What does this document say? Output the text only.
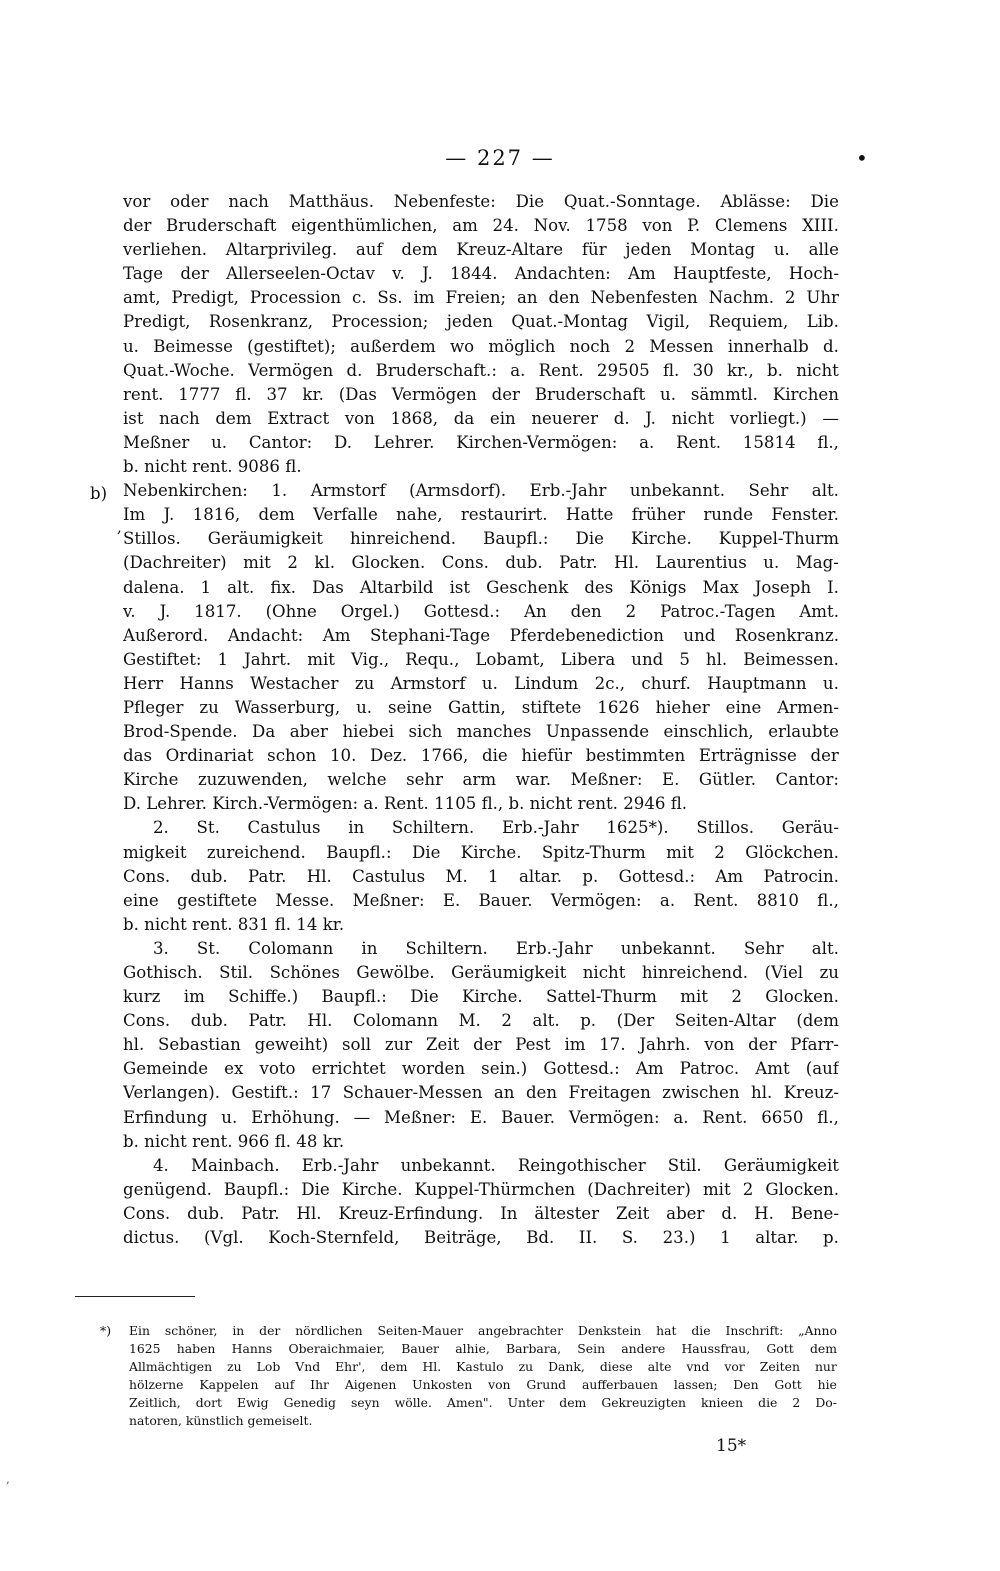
— 227 —	•
b)
,
vor oder nach Matthäus. Nebenfeste: Die Quat.-Sonntage. Ablässe: Die
der Bruderschaft eigenthümlichen, am 24. Nov. 1758 von P. Clemens XIII.
verliehen. Altarprivileg. auf dem Kreuz-Altare für jeden Montag u. alle
Tage der Allerseelen-Octav v. J. 1844. Andachten: Am Hauptfeste, Hoch-
amt, Predigt, Procession c. Ss. im Freien; an den Nebenfesten Nachm. 2 Uhr
Predigt, Rosenkranz, Procession; jeden Quat.-Montag Vigil, Requiem, Lib.
u. Beimesse (gestiftet); außerdem wo möglich noch 2 Messen innerhalb d.
Quat.-Woche. Vermögen d. Bruderschaft.: a. Rent. 29505 fl. 30 kr., b. nicht
rent. 1777 fl. 37 kr. (Das Vermögen der Bruderschaft u. sämmtl. Kirchen
ist nach dem Extract von 1868, da ein neuerer d. J. nicht vorliegt.) —
Meßner u. Cantor: D. Lehrer. Kirchen-Vermögen: a. Rent. 15814 fl.,
b. nicht rent. 9086 fl.
Nebenkirchen: 1. Armstorf (Armsdorf). Erb.-Jahr unbekannt. Sehr alt.
Im J. 1816, dem Verfalle nahe, restaurirt. Hatte früher runde Fenster.
Stillos. Geräumigkeit hinreichend. Baupfl.: Die Kirche. Kuppel-Thurm
(Dachreiter) mit 2 kl. Glocken. Cons. dub. Patr. Hl. Laurentius u. Mag-
dalena. 1 alt. fix. Das Altarbild ist Geschenk des Königs Max Joseph I.
v. J. 1817. (Ohne Orgel.) Gottesd.: An den 2 Patroc.-Tagen Amt.
Außerord. Andacht: Am Stephani-Tage Pferdebenediction und Rosenkranz.
Gestiftet: 1 Jahrt. mit Vig., Requ., Lobamt, Libera und 5 hl. Beimessen.
Herr Hanns Westacher zu Armstorf u. Lindum 2c., churf. Hauptmann u.
Pfleger zu Wasserburg, u. seine Gattin, stiftete 1626 hieher eine Armen-
Brod-Spende. Da aber hiebei sich manches Unpassende einschlich, erlaubte
das Ordinariat schon 10. Dez. 1766, die hiefür bestimmten Erträgnisse der
Kirche zuzuwenden, welche sehr arm war. Meßner: E. Gütler. Cantor:
D. Lehrer. Kirch.-Vermögen: a. Rent. 1105 fl., b. nicht rent. 2946 fl.
2. St. Castulus in Schiltern. Erb.-Jahr 1625*). Stillos. Geräu-
migkeit zureichend. Baupfl.: Die Kirche. Spitz-Thurm mit 2 Glöckchen.
Cons. dub. Patr. Hl. Castulus M. 1 altar. p. Gottesd.: Am Patrocin.
eine gestiftete Messe. Meßner: E. Bauer. Vermögen: a. Rent. 8810 fl.,
b. nicht rent. 831 fl. 14 kr.
3. St. Colomann in Schiltern. Erb.-Jahr unbekannt. Sehr alt.
Gothisch. Stil. Schönes Gewölbe. Geräumigkeit nicht hinreichend. (Viel zu
kurz im Schiffe.) Baupfl.: Die Kirche. Sattel-Thurm mit 2 Glocken.
Cons. dub. Patr. Hl. Colomann M. 2 alt. p. (Der Seiten-Altar (dem
hl. Sebastian geweiht) soll zur Zeit der Pest im 17. Jahrh. von der Pfarr-
Gemeinde ex voto errichtet worden sein.) Gottesd.: Am Patroc. Amt (auf
Verlangen). Gestift.: 17 Schauer-Messen an den Freitagen zwischen hl. Kreuz-
Erfindung u. Erhöhung. — Meßner: E. Bauer. Vermögen: a. Rent. 6650 fl.,
b. nicht rent. 966 fl. 48 kr.
4. Mainbach. Erb.-Jahr unbekannt. Reingothischer Stil. Geräumigkeit
genügend. Baupfl.: Die Kirche. Kuppel-Thürmchen (Dachreiter) mit 2 Glocken.
Cons. dub. Patr. Hl. Kreuz-Erfindung. In ältester Zeit aber d. H. Bene-
dictus. (Vgl. Koch-Sternfeld, Beiträge, Bd. II. S. 23.) 1 altar. p.
*) Ein schöner, in der nördlichen Seiten-Mauer angebrachter Denkstein hat die Inschrift: „Anno
1625 haben Hanns Oberaichmaier, Bauer alhie, Barbara, Sein andere Haussfrau, Gott dem
Allmächtigen zu Lob Vnd Ehr', dem Hl. Kastulo zu Dank, diese alte vnd vor Zeiten nur
hölzerne Kappelen auf Ihr Aigenen Unkosten von Grund aufferbauen lassen; Den Gott hie
Zeitlich, dort Ewig Genedig seyn wölle. Amen". Unter dem Gekreuzigten knieen die 2 Do-
natoren, künstlich gemeiselt.
15*
,
